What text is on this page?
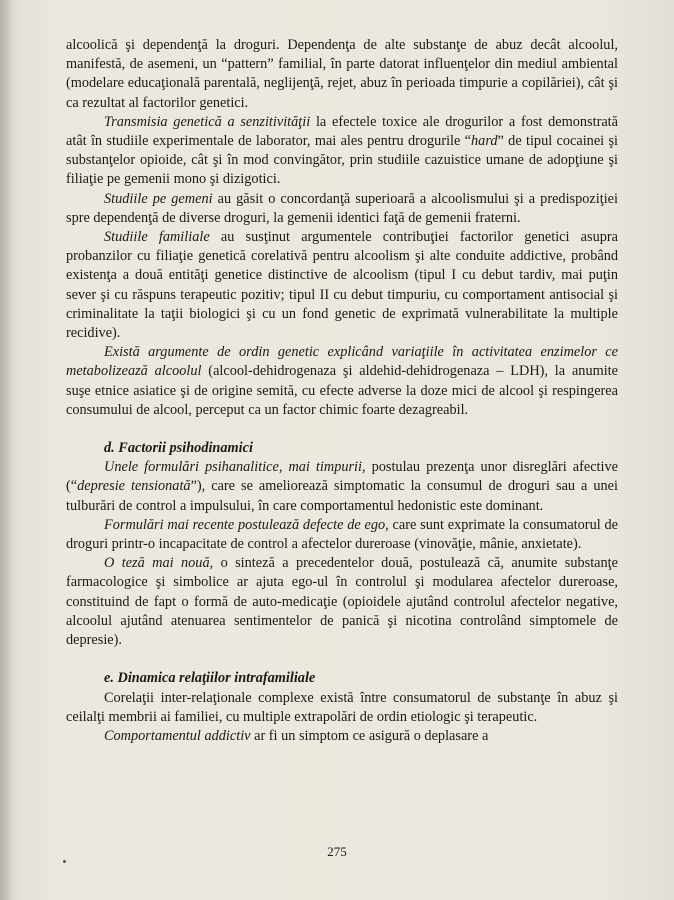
alcoolică şi dependenţă la droguri. Dependenţa de alte substanţe de abuz decât alcoolul, manifestă, de asemeni, un “pattern” familial, în parte datorat influenţelor din mediul ambiental (modelare educaţională parentală, neglijenţă, rejet, abuz în perioada timpurie a copilăriei), cât şi ca rezultat al factorilor genetici.

Transmisia genetică a senzitivităţii la efectele toxice ale drogurilor a fost demonstrată atât în studiile experimentale de laborator, mai ales pentru drogurile “hard” de tipul cocainei şi substanţelor opioide, cât şi în mod convingător, prin studiile cazuistice umane de adopţiune şi filiaţie pe gemenii mono şi dizigotici.

Studiile pe gemeni au găsit o concordanţă superioară a alcoolismului şi a predispoziţiei spre dependenţă de diverse droguri, la gemenii identici faţă de gemenii fraterni.

Studiile familiale au susţinut argumentele contribuţiei factorilor genetici asupra probanzilor cu filiaţie genetică corelativă pentru alcoolism şi alte conduite addictive, probând existenţa a două entităţi genetice distinctive de alcoolism (tipul I cu debut tardiv, mai puţin sever şi cu răspuns terapeutic pozitiv; tipul II cu debut timpuriu, cu comportament antisocial şi criminalitate la taţii biologici şi cu un fond genetic de exprimată vulnerabilitate la multiple recidive).

Există argumente de ordin genetic explicând variaţiile în activitatea enzimelor ce metabolizează alcoolul (alcool-dehidrogenaza şi aldehid-dehidrogenaza – LDH), la anumite suşe etnice asiatice şi de origine semită, cu efecte adverse la doze mici de alcool şi respingerea consumului de alcool, perceput ca un factor chimic foarte dezagreabil.

d. Factorii psihodinamici

Unele formulări psihanalitice, mai timpurii, postulau prezenţa unor disreglări afective (“depresie tensionată”), care se ameliorează simptomatic la consumul de droguri sau a unei tulburări de control a impulsului, în care comportamentul hedonistic este dominant.

Formulări mai recente postulează defecte de ego, care sunt exprimate la consumatorul de droguri printr-o incapacitate de control a afectelor dureroase (vinovăţie, mânie, anxietate).

O teză mai nouă, o sinteză a precedentelor două, postulează că, anumite substanţe farmacologice şi simbolice ar ajuta ego-ul în controlul şi modularea afectelor dureroase, constituind de fapt o formă de auto-medicaţie (opioidele ajutând controlul afectelor negative, alcoolul ajutând atenuarea sentimentelor de panică şi nicotina controlând simptomele de depresie).

e. Dinamica relaţiilor intrafamiliale

Corelaţii inter-relaţionale complexe există între consumatorul de substanţe în abuz şi ceilalţi membrii ai familiei, cu multiple extrapolări de ordin etiologic şi terapeutic.

Comportamentul addictiv ar fi un simptom ce asigură o deplasare a

275
